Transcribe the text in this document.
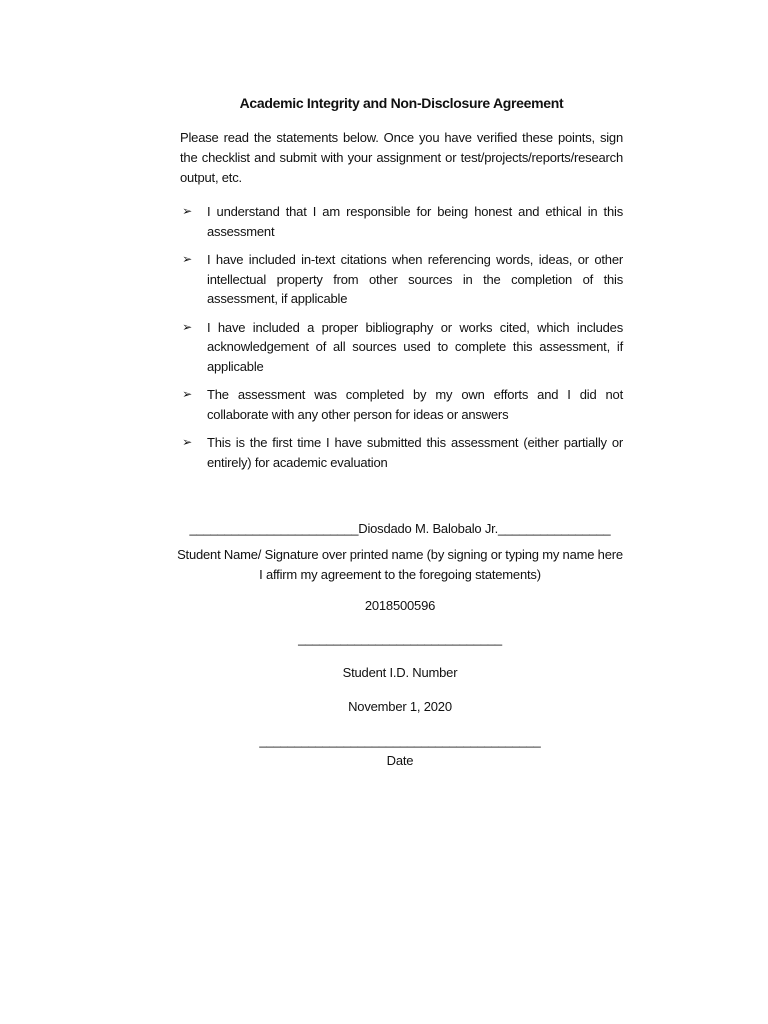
Academic Integrity and Non-Disclosure Agreement
Please read the statements below. Once you have verified these points, sign the checklist and submit with your assignment or test/projects/reports/research output, etc.
➢ I understand that I am responsible for being honest and ethical in this assessment
➢ I have included in-text citations when referencing words, ideas, or other intellectual property from other sources in the completion of this assessment, if applicable
➢ I have included a proper bibliography or works cited, which includes acknowledgement of all sources used to complete this assessment, if applicable
➢ The assessment was completed by my own efforts and I did not collaborate with any other person for ideas or answers
➢ This is the first time I have submitted this assessment (either partially or entirely) for academic evaluation
________________________Diosdado M. Balobalo Jr.________________
Student Name/ Signature over printed name (by signing or typing my name here
I affirm my agreement to the foregoing statements)
2018500596
_____________________________
Student I.D. Number
November 1, 2020
________________________________________
Date
